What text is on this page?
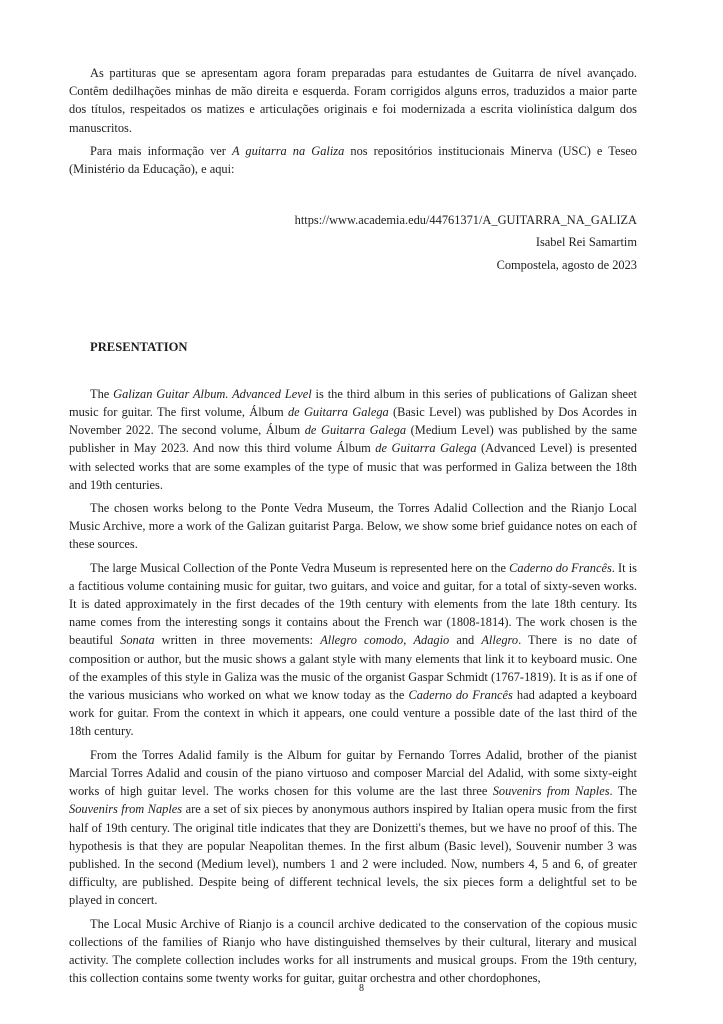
As partituras que se apresentam agora foram preparadas para estudantes de Guitarra de nível avançado. Contêm dedilhações minhas de mão direita e esquerda. Foram corrigidos alguns erros, traduzidos a maior parte dos títulos, respeitados os matizes e articulações originais e foi modernizada a escrita violinística dalgum dos manuscritos.

Para mais informação ver A guitarra na Galiza nos repositórios institucionais Minerva (USC) e Teseo (Ministério da Educação), e aqui:

https://www.academia.edu/44761371/A_GUITARRA_NA_GALIZA

Isabel Rei Samartim

Compostela, agosto de 2023

PRESENTATION

The Galizan Guitar Album. Advanced Level is the third album in this series of publications of Galizan sheet music for guitar. The first volume, Álbum de Guitarra Galega (Basic Level) was published by Dos Acordes in November 2022. The second volume, Álbum de Guitarra Galega (Medium Level) was published by the same publisher in May 2023. And now this third volume Álbum de Guitarra Galega (Advanced Level) is presented with selected works that are some examples of the type of music that was performed in Galiza between the 18th and 19th centuries.

The chosen works belong to the Ponte Vedra Museum, the Torres Adalid Collection and the Rianjo Local Music Archive, more a work of the Galizan guitarist Parga. Below, we show some brief guidance notes on each of these sources.

The large Musical Collection of the Ponte Vedra Museum is represented here on the Caderno do Francês. It is a factitious volume containing music for guitar, two guitars, and voice and guitar, for a total of sixty-seven works. It is dated approximately in the first decades of the 19th century with elements from the late 18th century. Its name comes from the interesting songs it contains about the French war (1808-1814). The work chosen is the beautiful Sonata written in three movements: Allegro comodo, Adagio and Allegro. There is no date of composition or author, but the music shows a galant style with many elements that link it to keyboard music. One of the examples of this style in Galiza was the music of the organist Gaspar Schmidt (1767-1819). It is as if one of the various musicians who worked on what we know today as the Caderno do Francês had adapted a keyboard work for guitar. From the context in which it appears, one could venture a possible date of the last third of the 18th century.

From the Torres Adalid family is the Album for guitar by Fernando Torres Adalid, brother of the pianist Marcial Torres Adalid and cousin of the piano virtuoso and composer Marcial del Adalid, with some sixty-eight works of high guitar level. The works chosen for this volume are the last three Souvenirs from Naples. The Souvenirs from Naples are a set of six pieces by anonymous authors inspired by Italian opera music from the first half of 19th century. The original title indicates that they are Donizetti's themes, but we have no proof of this. The hypothesis is that they are popular Neapolitan themes. In the first album (Basic level), Souvenir number 3 was published. In the second (Medium level), numbers 1 and 2 were included. Now, numbers 4, 5 and 6, of greater difficulty, are published. Despite being of different technical levels, the six pieces form a delightful set to be played in concert.

The Local Music Archive of Rianjo is a council archive dedicated to the conservation of the copious music collections of the families of Rianjo who have distinguished themselves by their cultural, literary and musical activity. The complete collection includes works for all instruments and musical groups. From the 19th century, this collection contains some twenty works for guitar, guitar orchestra and other chordophones,

8
